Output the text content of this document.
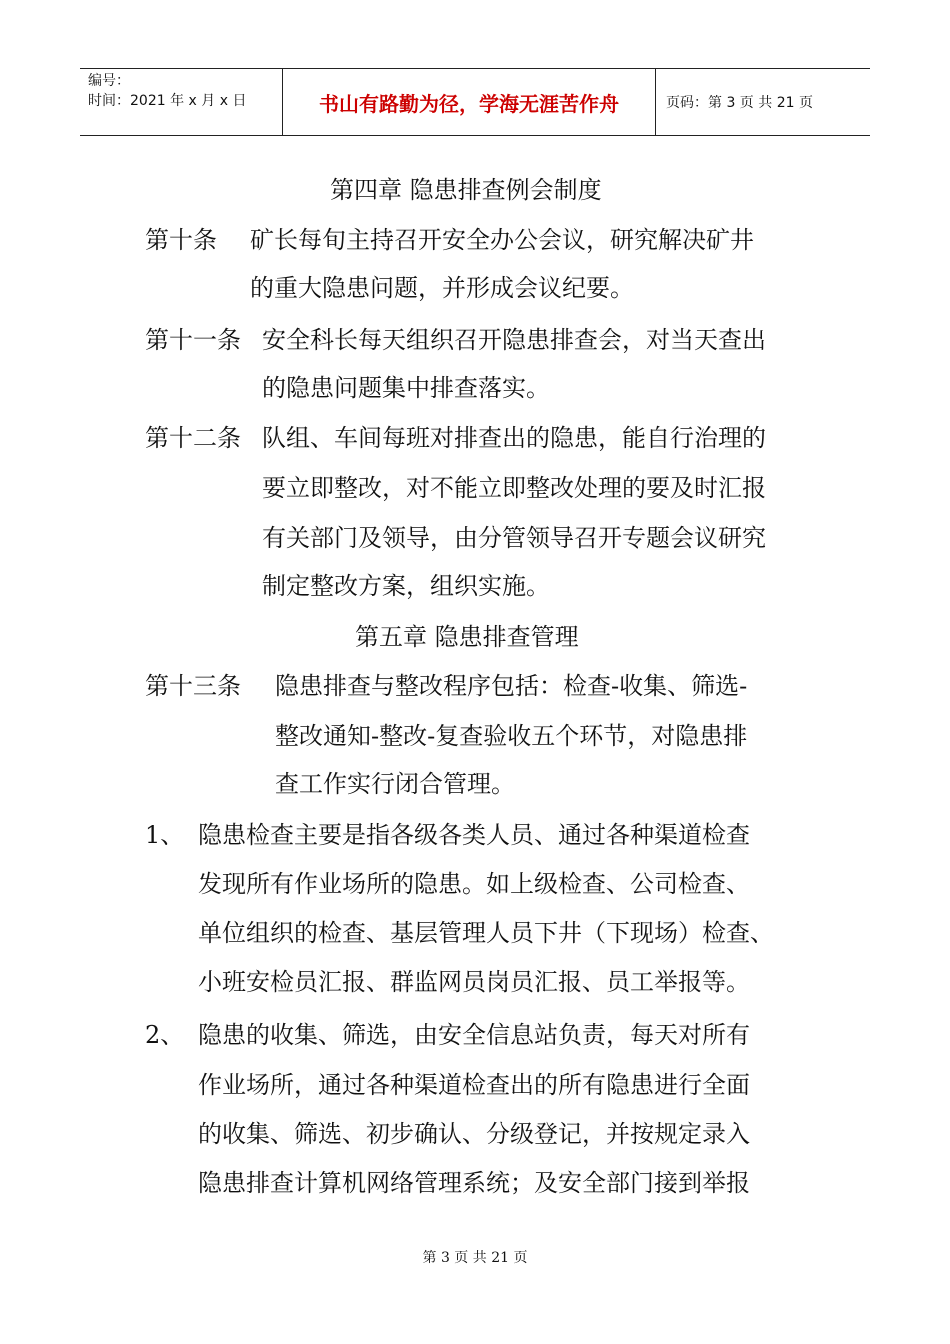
编号：
时间：2021 年 x 月 x 日	书山有路勤为径，学海无涯苦作舟	页码：第 3 页 共 21 页
第四章 隐患排查例会制度
第十条 矿长每旬主持召开安全办公会议，研究解决矿井
的重大隐患问题，并形成会议纪要。
第十一条 安全科长每天组织召开隐患排查会，对当天查出
的隐患问题集中排查落实。
第十二条 队组、车间每班对排查出的隐患，能自行治理的
要立即整改，对不能立即整改处理的要及时汇报
有关部门及领导，由分管领导召开专题会议研究
制定整改方案，组织实施。
第五章 隐患排查管理
第十三条 隐患排查与整改程序包括：检查-收集、筛选-
整改通知-整改-复查验收五个环节，对隐患排
查工作实行闭合管理。
1、 隐患检查主要是指各级各类人员、通过各种渠道检查
发现所有作业场所的隐患。如上级检查、公司检查、
单位组织的检查、基层管理人员下井（下现场）检查、
小班安检员汇报、群监网员岗员汇报、员工举报等。
2、 隐患的收集、筛选，由安全信息站负责，每天对所有
作业场所，通过各种渠道检查出的所有隐患进行全面
的收集、筛选、初步确认、分级登记，并按规定录入
隐患排查计算机网络管理系统；及安全部门接到举报
第 3 页 共 21 页
